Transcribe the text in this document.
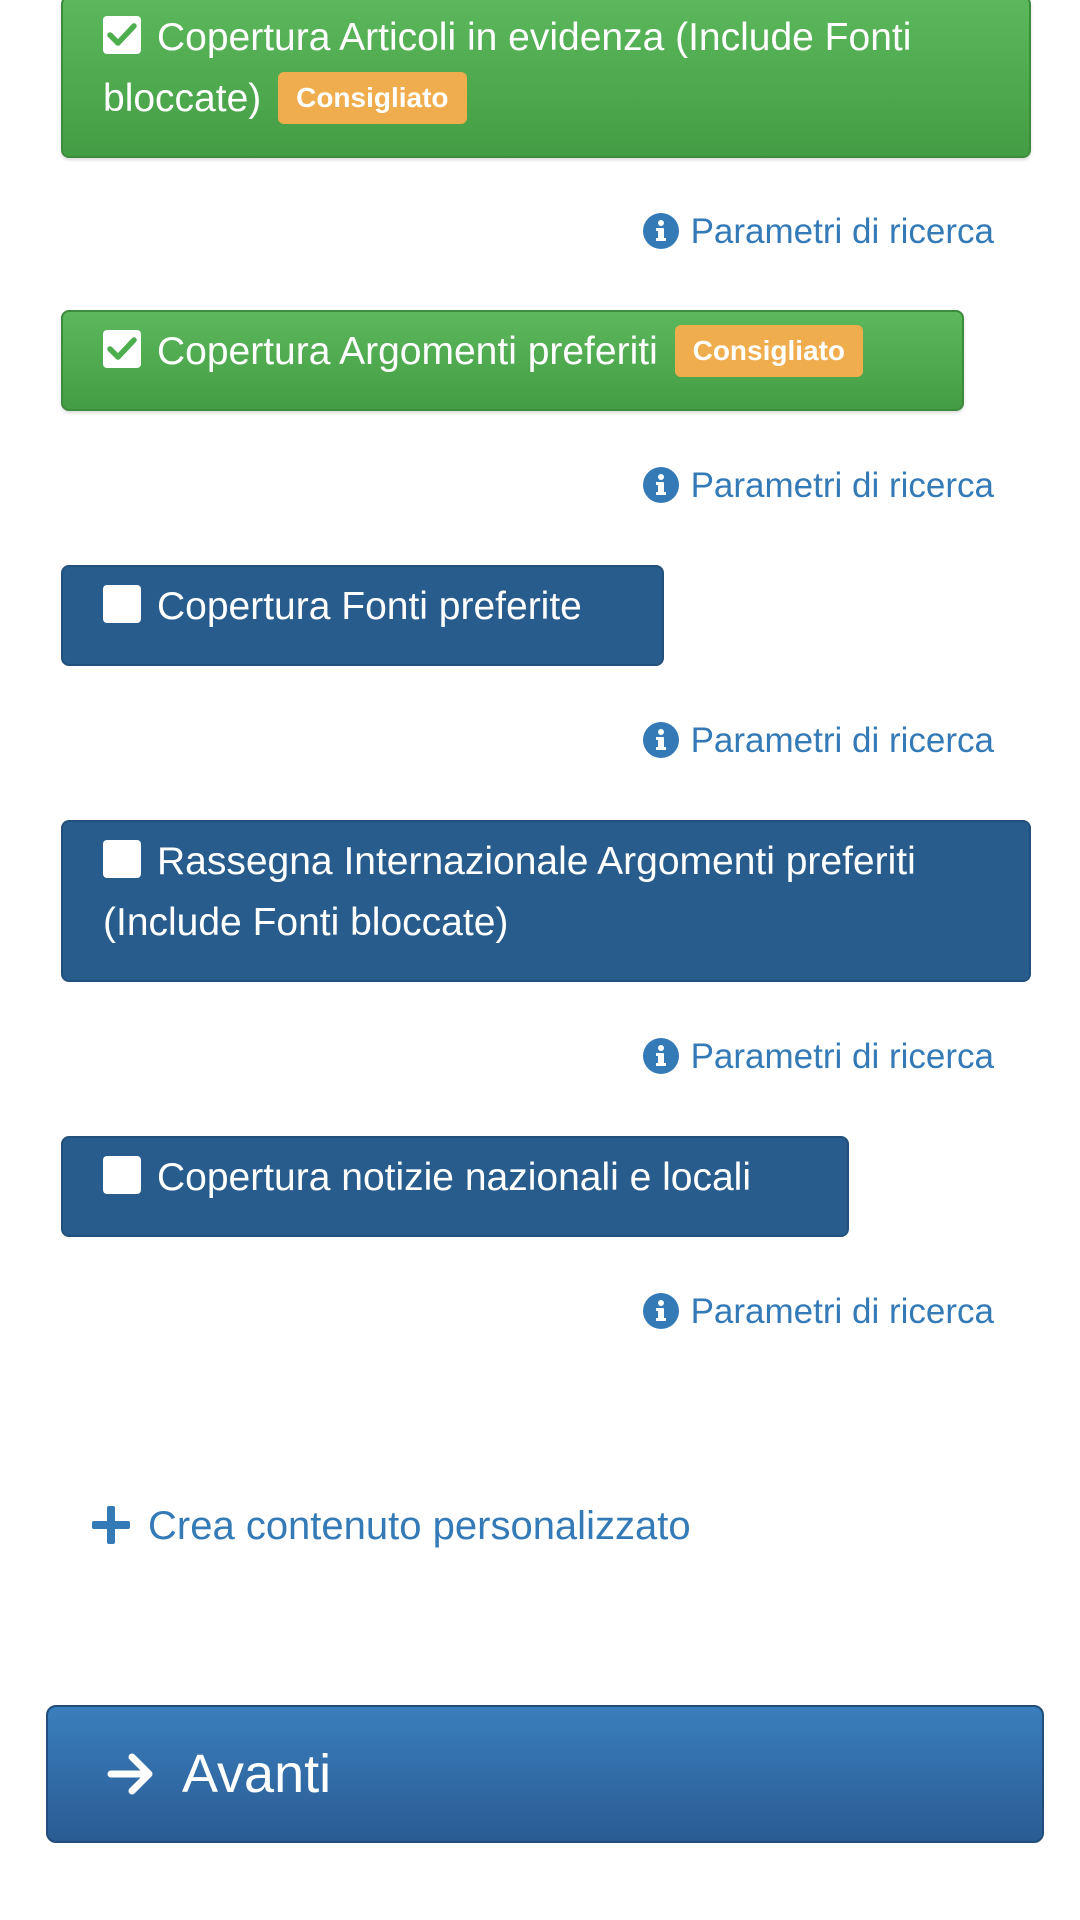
Copertura Articoli in evidenza (Include Fonti bloccate) Consigliato
Parametri di ricerca
Copertura Argomenti preferiti Consigliato
Parametri di ricerca
Copertura Fonti preferite
Parametri di ricerca
Rassegna Internazionale Argomenti preferiti (Include Fonti bloccate)
Parametri di ricerca
Copertura notizie nazionali e locali
Parametri di ricerca
Crea contenuto personalizzato
Avanti
